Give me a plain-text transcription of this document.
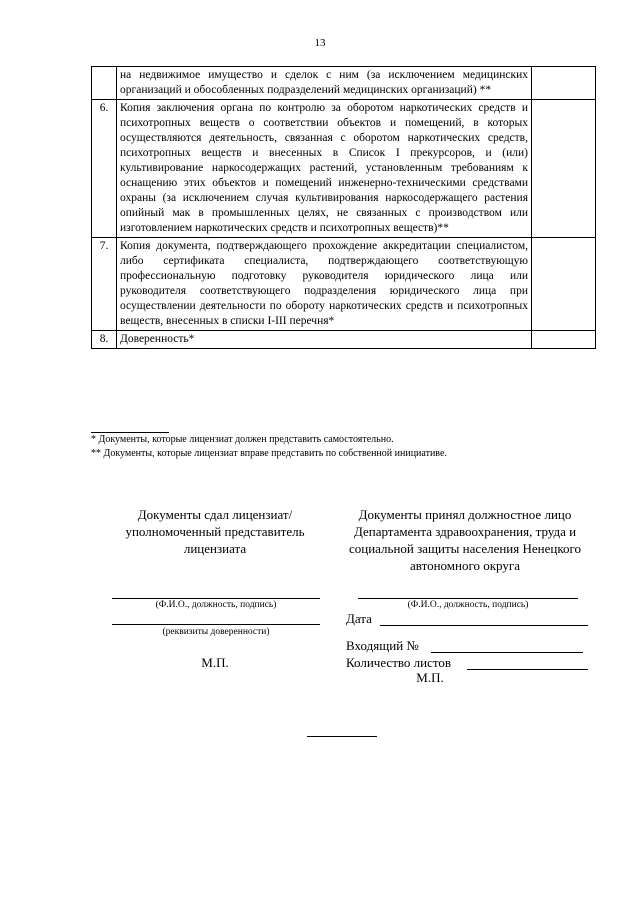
13
	на недвижимое имущество и сделок с ним (за исключением медицинских организаций и обособленных подразделений медицинских организаций) **	
6.	Копия заключения органа по контролю за оборотом наркотических средств и психотропных веществ о соответствии объектов и помещений, в которых осуществляются деятельность, связанная с оборотом наркотических средств, психотропных веществ и внесенных в Список I прекурсоров, и (или) культивирование наркосодержащих растений, установленным требованиям к оснащению этих объектов и помещений инженерно-техническими средствами охраны (за исключением случая культивирования наркосодержащего растения опийный мак в промышленных целях, не связанных с производством или изготовлением наркотических средств и психотропных веществ)**	
7.	Копия документа, подтверждающего прохождение аккредитации специалистом, либо сертификата специалиста, подтверждающего соответствующую профессиональную подготовку руководителя юридического лица или руководителя соответствующего подразделения юридического лица при осуществлении деятельности по обороту наркотических средств и психотропных веществ, внесенных в списки I-III перечня*	
8.	Доверенность*	
* Документы, которые лицензиат должен представить самостоятельно.
** Документы, которые лицензиат вправе представить по собственной инициативе.
Документы сдал лицензиат/уполномоченный представитель лицензиата
(Ф.И.О., должность, подпись)
(реквизиты доверенности)
М.П.
Документы принял должностное лицо Департамента здравоохранения, труда и социальной защиты населения Ненецкого автономного округа
(Ф.И.О., должность, подпись)
Дата
Входящий №
Количество листов
М.П.
